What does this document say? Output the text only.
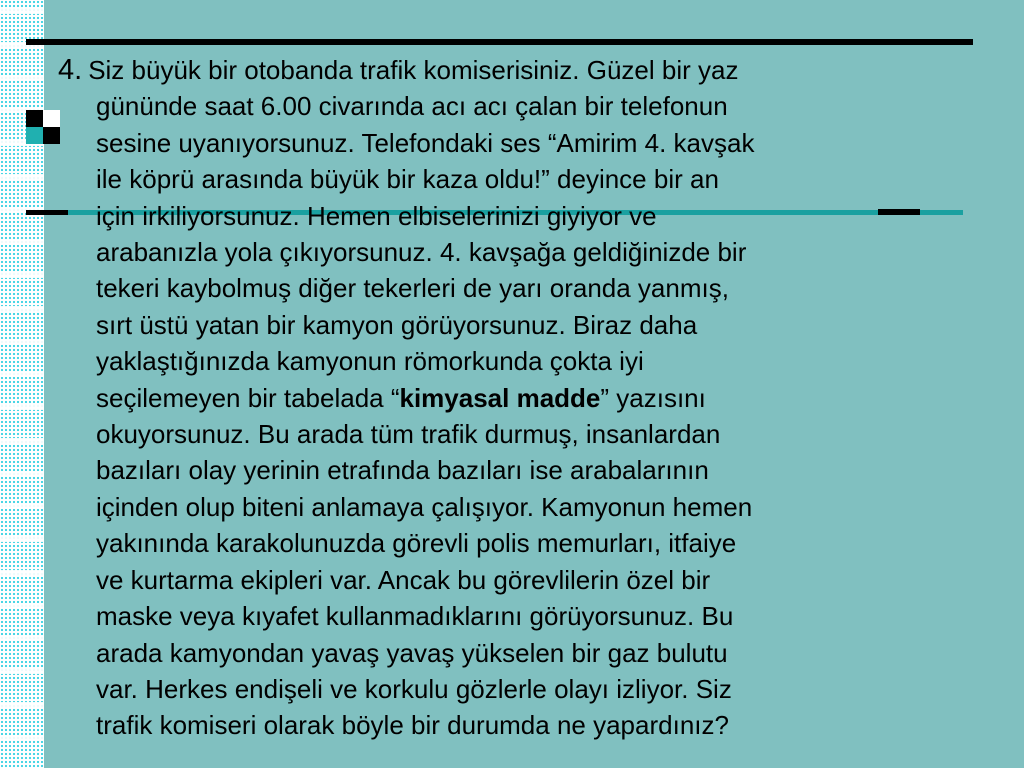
4. Siz büyük bir otobanda trafik komiserisiniz. Güzel bir yaz
gününde saat 6.00 civarında acı acı çalan bir telefonun
sesine uyanıyorsunuz. Telefondaki ses “Amirim 4. kavşak
ile köprü arasında büyük bir kaza oldu!” deyince bir an
için irkiliyorsunuz. Hemen elbiselerinizi giyiyor ve
arabanızla yola çıkıyorsunuz. 4. kavşağa geldiğinizde bir
tekeri kaybolmuş diğer tekerleri de yarı oranda yanmış,
sırt üstü yatan bir kamyon görüyorsunuz. Biraz daha
yaklaştığınızda kamyonun römorkunda çokta iyi
seçilemeyen bir tabelada “kimyasal madde” yazısını
okuyorsunuz. Bu arada tüm trafik durmuş, insanlardan
bazıları olay yerinin etrafında bazıları ise arabalarının
içinden olup biteni anlamaya çalışıyor. Kamyonun hemen
yakınında karakolunuzda görevli polis memurları, itfaiye
ve kurtarma ekipleri var. Ancak bu görevlilerin özel bir
maske veya kıyafet kullanmadıklarını görüyorsunuz. Bu
arada kamyondan yavaş yavaş yükselen bir gaz bulutu
var. Herkes endişeli ve korkulu gözlerle olayı izliyor. Siz
trafik komiseri olarak böyle bir durumda ne yapardınız?
